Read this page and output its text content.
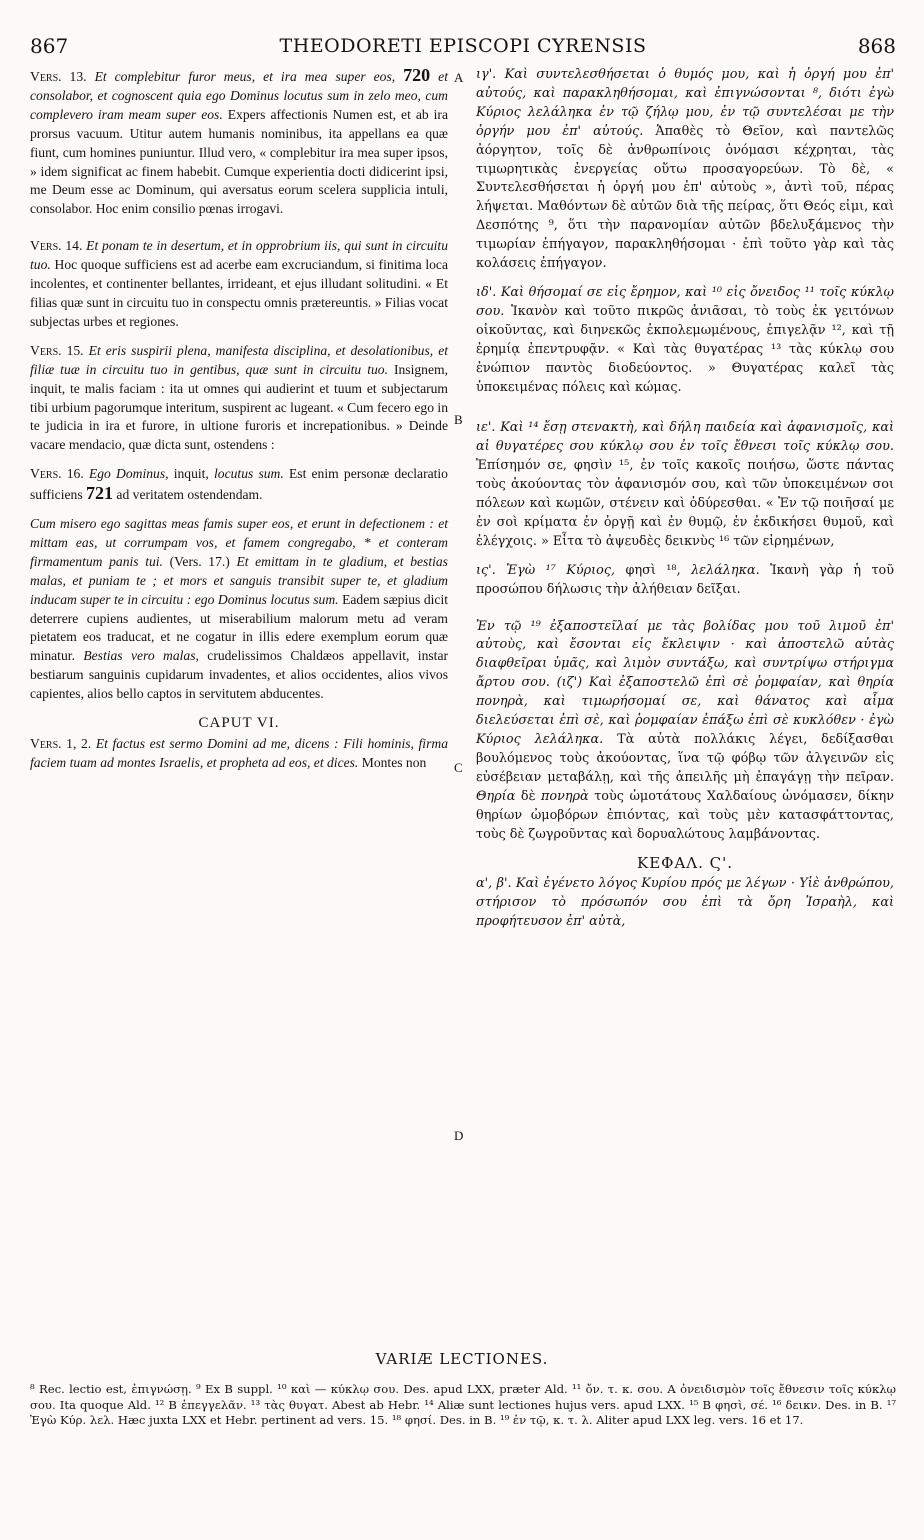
867	THEODORETI EPISCOPI CYRENSIS	868
A
B
C
D

Vers. 13. Et complebitur furor meus, et ira mea super eos, 720 et consolabor, et cognoscent quia ego Dominus locutus sum in zelo meo, cum complevero iram meam super eos. Expers affectionis Numen est, et ab ira prorsus vacuum. Utitur autem humanis nominibus, ita appellans ea quæ fiunt, cum homines puniuntur. Illud vero, « complebitur ira mea super ipsos, » idem significat ac finem habebit. Cumque experientia docti didicerint ipsi, me Deum esse ac Dominum, qui aversatus eorum scelera supplicia intuli, consolabor. Hoc enim consilio pœnas irrogavi.

Vers. 14. Et ponam te in desertum, et in opprobrium iis, qui sunt in circuitu tuo. Hoc quoque sufficiens est ad acerbe eam excruciandum, si finitima loca incolentes, et continenter bellantes, irrideant, et ejus illudant solitudini. « Et filias quæ sunt in circuitu tuo in conspectu omnis prætereuntis. » Filias vocat subjectas urbes et regiones.

Vers. 15. Et eris suspirii plena, manifesta disciplina, et desolationibus, et filiæ tuæ in circuitu tuo in gentibus, quæ sunt in circuitu tuo. Insignem, inquit, te malis faciam : ita ut omnes qui audierint et tuum et subjectarum tibi urbium pagorumque interitum, suspirent ac lugeant. « Cum fecero ego in te judicia in ira et furore, in ultione furoris et increpationibus. » Deinde vacare mendacio, quæ dicta sunt, ostendens :

Vers. 16. Ego Dominus, inquit, locutus sum. Est enim personæ declaratio sufficiens 721 ad veritatem ostendendam.

Cum misero ego sagittas meas famis super eos, et erunt in defectionem : et mittam eas, ut corrumpam vos, et famem congregabo, * et conteram firmamentum panis tui. (Vers. 17.) Et emittam in te gladium, et bestias malas, et puniam te ; et mors et sanguis transibit super te, et gladium inducam super te in circuitu : ego Dominus locutus sum. Eadem sæpius dicit deterrere cupiens audientes, ut miserabilium malorum metu ad veram pietatem eos traducat, et ne cogatur in illis edere exemplum eorum quæ minatur. Bestias vero malas, crudelissimos Chaldæos appellavit, instar bestiarum sanguinis cupidarum invadentes, et alios occidentes, alios vivos capientes, alios bello captos in servitutem abducentes.

CAPUT VI.

Vers. 1, 2. Et factus est sermo Domini ad me, dicens : Fili hominis, firma faciem tuam ad montes Israelis, et propheta ad eos, et dices. Montes non

ιγ'. Καὶ συντελεσθήσεται ὁ θυμός μου, καὶ ἡ ὀργή μου ἐπ' αὐτούς, καὶ παρακληθήσομαι, καὶ ἐπιγνώσονται ⁸, διότι ἐγὼ Κύριος λελάληκα ἐν τῷ ζήλῳ μου, ἐν τῷ συντελέσαι με τὴν ὀργήν μου ἐπ' αὐτούς. Ἀπαθὲς τὸ Θεῖον, καὶ παντελῶς ἀόργητον, τοῖς δὲ ἀνθρωπίνοις ὀνόμασι κέχρηται, τὰς τιμωρητικὰς ἐνεργείας οὕτω προσαγορεύων. Τὸ δὲ, « Συντελεσθήσεται ἡ ὀργή μου ἐπ' αὐτοὺς », ἀντὶ τοῦ, πέρας λήψεται. Μαθόντων δὲ αὐτῶν διὰ τῆς πείρας, ὅτι Θεός εἰμι, καὶ Δεσπότης ⁹, ὅτι τὴν παρανομίαν αὐτῶν βδελυξάμενος τὴν τιμωρίαν ἐπήγαγον, παρακληθήσομαι · ἐπὶ τοῦτο γὰρ καὶ τὰς κολάσεις ἐπήγαγον.

ιδ'. Καὶ θήσομαί σε εἰς ἔρημον, καὶ ¹⁰ εἰς ὄνειδος ¹¹ τοῖς κύκλῳ σου. Ἱκανὸν καὶ τοῦτο πικρῶς ἀνιᾶσαι, τὸ τοὺς ἐκ γειτόνων οἰκοῦντας, καὶ διηνεκῶς ἐκπολεμωμένους, ἐπιγελᾷν ¹², καὶ τῇ ἐρημίᾳ ἐπεντρυφᾷν. « Καὶ τὰς θυγατέρας ¹³ τὰς κύκλῳ σου ἐνώπιον παντὸς διοδεύοντος. » Θυγατέρας καλεῖ τὰς ὑποκειμένας πόλεις καὶ κώμας.

ιε'. Καὶ ¹⁴ ἔσῃ στενακτὴ, καὶ δήλη παιδεία καὶ ἀφανισμοῖς, καὶ αἱ θυγατέρες σου κύκλῳ σου ἐν τοῖς ἔθνεσι τοῖς κύκλῳ σου. Ἐπίσημόν σε, φησὶν ¹⁵, ἐν τοῖς κακοῖς ποιήσω, ὥστε πάντας τοὺς ἀκούοντας τὸν ἀφανισμόν σου, καὶ τῶν ὑποκειμένων σοι πόλεων καὶ κωμῶν, στένειν καὶ ὀδύρεσθαι. « Ἐν τῷ ποιῆσαί με ἐν σοὶ κρίματα ἐν ὀργῇ καὶ ἐν θυμῷ, ἐν ἐκδικήσει θυμοῦ, καὶ ἐλέγχοις. » Εἶτα τὸ ἀψευδὲς δεικνὺς ¹⁶ τῶν εἰρημένων,

ις'. Ἐγὼ ¹⁷ Κύριος, φησὶ ¹⁸, λελάληκα. Ἱκανὴ γὰρ ἡ τοῦ προσώπου δήλωσις τὴν ἀλήθειαν δεῖξαι.

Ἐν τῷ ¹⁹ ἐξαποστεῖλαί με τὰς βολίδας μου τοῦ λιμοῦ ἐπ' αὐτοὺς, καὶ ἔσονται εἰς ἔκλειψιν · καὶ ἀποστελῶ αὐτὰς διαφθεῖραι ὑμᾶς, καὶ λιμὸν συντάξω, καὶ συντρίψω στήριγμα ἄρτου σου. (ιζ') Καὶ ἐξαποστελῶ ἐπὶ σὲ ῥομφαίαν, καὶ θηρία πονηρὰ, καὶ τιμωρήσομαί σε, καὶ θάνατος καὶ αἷμα διελεύσεται ἐπὶ σὲ, καὶ ῥομφαίαν ἐπάξω ἐπὶ σὲ κυκλόθεν · ἐγὼ Κύριος λελάληκα. Τὰ αὐτὰ πολλάκις λέγει, δεδίξασθαι βουλόμενος τοὺς ἀκούοντας, ἵνα τῷ φόβῳ τῶν ἀλγεινῶν εἰς εὐσέβειαν μεταβάλῃ, καὶ τῆς ἀπειλῆς μὴ ἐπαγάγῃ τὴν πεῖραν. Θηρία δὲ πονηρὰ τοὺς ὠμοτάτους Χαλδαίους ὠνόμασεν, δίκην θηρίων ὠμοβόρων ἐπιόντας, καὶ τοὺς μὲν κατασφάττοντας, τοὺς δὲ ζωγροῦντας καὶ δορυαλώτους λαμβάνοντας.

ΚΕΦΑΛ. Ϛ'.

α', β'. Καὶ ἐγένετο λόγος Κυρίου πρός με λέγων · Υἱὲ ἀνθρώπου, στήρισον τὸ πρόσωπόν σου ἐπὶ τὰ ὄρη Ἰσραὴλ, καὶ προφήτευσον ἐπ' αὐτὰ,

VARIÆ LECTIONES.

⁸ Rec. lectio est, ἐπιγνώσῃ. ⁹ Ex B suppl. ¹⁰ καὶ — κύκλῳ σου. Des. apud LXX, præter Ald. ¹¹ ὄν. τ. κ. σου. A ὀνειδισμὸν τοῖς ἔθνεσιν τοῖς κύκλῳ σου. Ita quoque Ald. ¹² B ἐπεγγελᾶν. ¹³ τὰς θυγατ. Abest ab Hebr. ¹⁴ Aliæ sunt lectiones hujus vers. apud LXX. ¹⁵ B φησὶ, σέ. ¹⁶ δεικν. Des. in B. ¹⁷ Ἐγὼ Κύρ. λελ. Hæc juxta LXX et Hebr. pertinent ad vers. 15. ¹⁸ φησί. Des. in B. ¹⁹ ἐν τῷ, κ. τ. λ. Aliter apud LXX leg. vers. 16 et 17.
